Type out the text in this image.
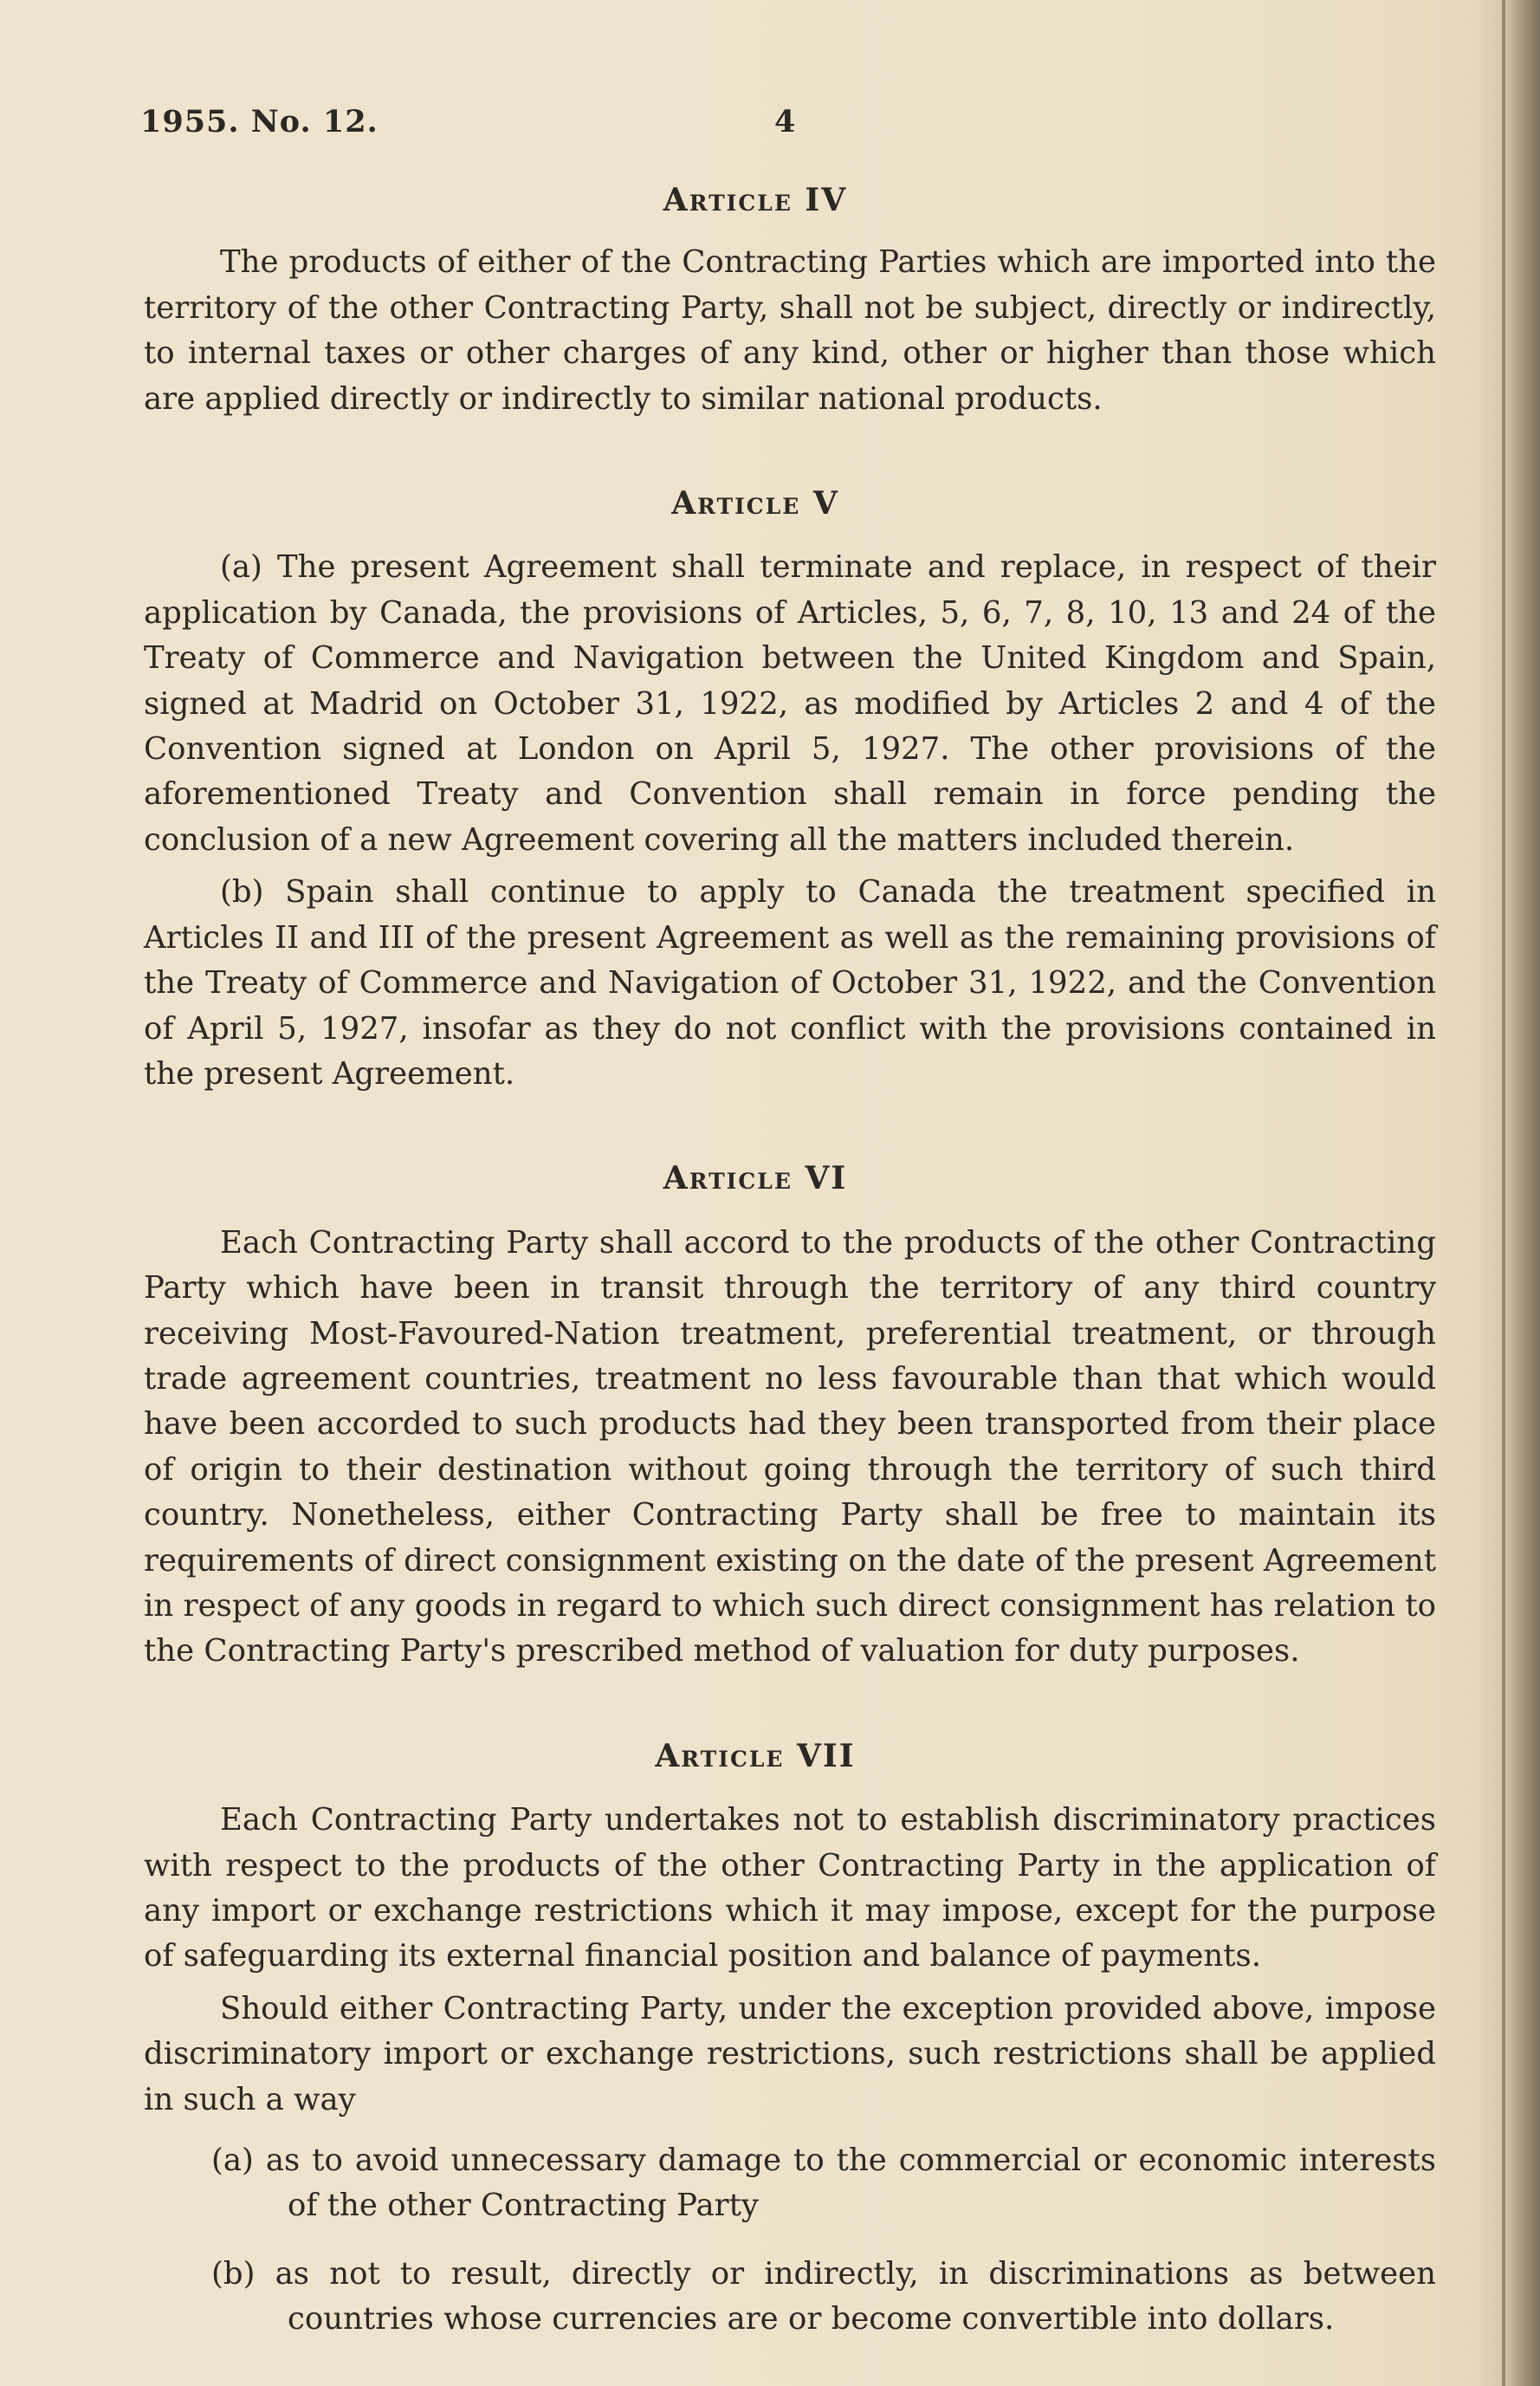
1955. No. 12.	4
Article IV

The products of either of the Contracting Parties which are imported into the territory of the other Contracting Party, shall not be subject, directly or indirectly, to internal taxes or other charges of any kind, other or higher than those which are applied directly or indirectly to similar national products.

Article V

(a) The present Agreement shall terminate and replace, in respect of their application by Canada, the provisions of Articles, 5, 6, 7, 8, 10, 13 and 24 of the Treaty of Commerce and Navigation between the United Kingdom and Spain, signed at Madrid on October 31, 1922, as modified by Articles 2 and 4 of the Convention signed at London on April 5, 1927. The other provisions of the aforementioned Treaty and Convention shall remain in force pending the conclusion of a new Agreement covering all the matters included therein.

(b) Spain shall continue to apply to Canada the treatment specified in Articles II and III of the present Agreement as well as the remaining provisions of the Treaty of Commerce and Navigation of October 31, 1922, and the Convention of April 5, 1927, insofar as they do not conflict with the provisions contained in the present Agreement.

Article VI

Each Contracting Party shall accord to the products of the other Contracting Party which have been in transit through the territory of any third country receiving Most-Favoured-Nation treatment, preferential treatment, or through trade agreement countries, treatment no less favourable than that which would have been accorded to such products had they been transported from their place of origin to their destination without going through the territory of such third country. Nonetheless, either Contracting Party shall be free to maintain its requirements of direct consignment existing on the date of the present Agreement in respect of any goods in regard to which such direct consignment has relation to the Contracting Party's prescribed method of valuation for duty purposes.

Article VII

Each Contracting Party undertakes not to establish discriminatory practices with respect to the products of the other Contracting Party in the application of any import or exchange restrictions which it may impose, except for the purpose of safeguarding its external financial position and balance of payments.

Should either Contracting Party, under the exception provided above, impose discriminatory import or exchange restrictions, such restrictions shall be applied in such a way

(a) as to avoid unnecessary damage to the commercial or economic interests of the other Contracting Party

(b) as not to result, directly or indirectly, in discriminations as between countries whose currencies are or become convertible into dollars.
